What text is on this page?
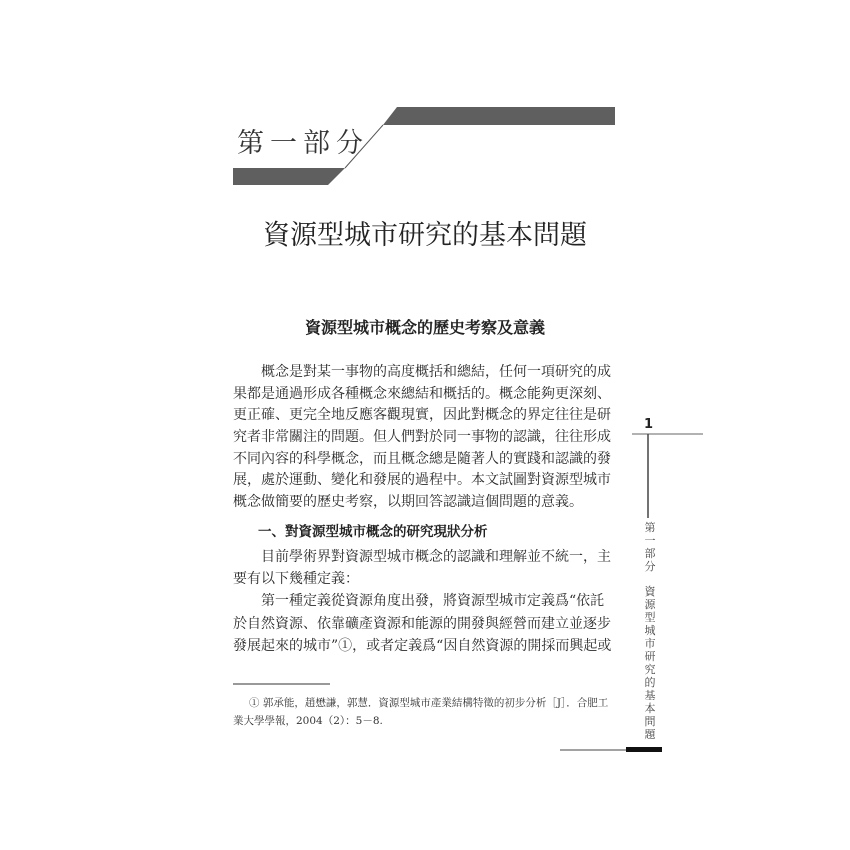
第一部分
資源型城市研究的基本問題
資源型城市概念的歷史考察及意義
概念是對某一事物的高度概括和總結，任何一項研究的成
果都是通過形成各種概念來總結和概括的。概念能夠更深刻、
更正確、更完全地反應客觀現實，因此對概念的界定往往是研
究者非常關注的問題。但人們對於同一事物的認識，往往形成
不同內容的科學概念，而且概念總是隨著人的實踐和認識的發
展，處於運動、變化和發展的過程中。本文試圖對資源型城市
概念做簡要的歷史考察，以期回答認識這個問題的意義。
一、對資源型城市概念的研究現狀分析
目前學術界對資源型城市概念的認識和理解並不統一，主
要有以下幾種定義：
第一種定義從資源角度出發，將資源型城市定義爲“依託
於自然資源、依靠礦產資源和能源的開發與經營而建立並逐步
發展起來的城市”①，或者定義爲“因自然資源的開採而興起或
① 郭承能，趙懋謙，郭慧．資源型城市產業結構特徵的初步分析［J］．合肥工
業大學學報，2004（2）：5－8.
1
第
一
部
分
資
源
型
城
市
研
究
的
基
本
問
題
